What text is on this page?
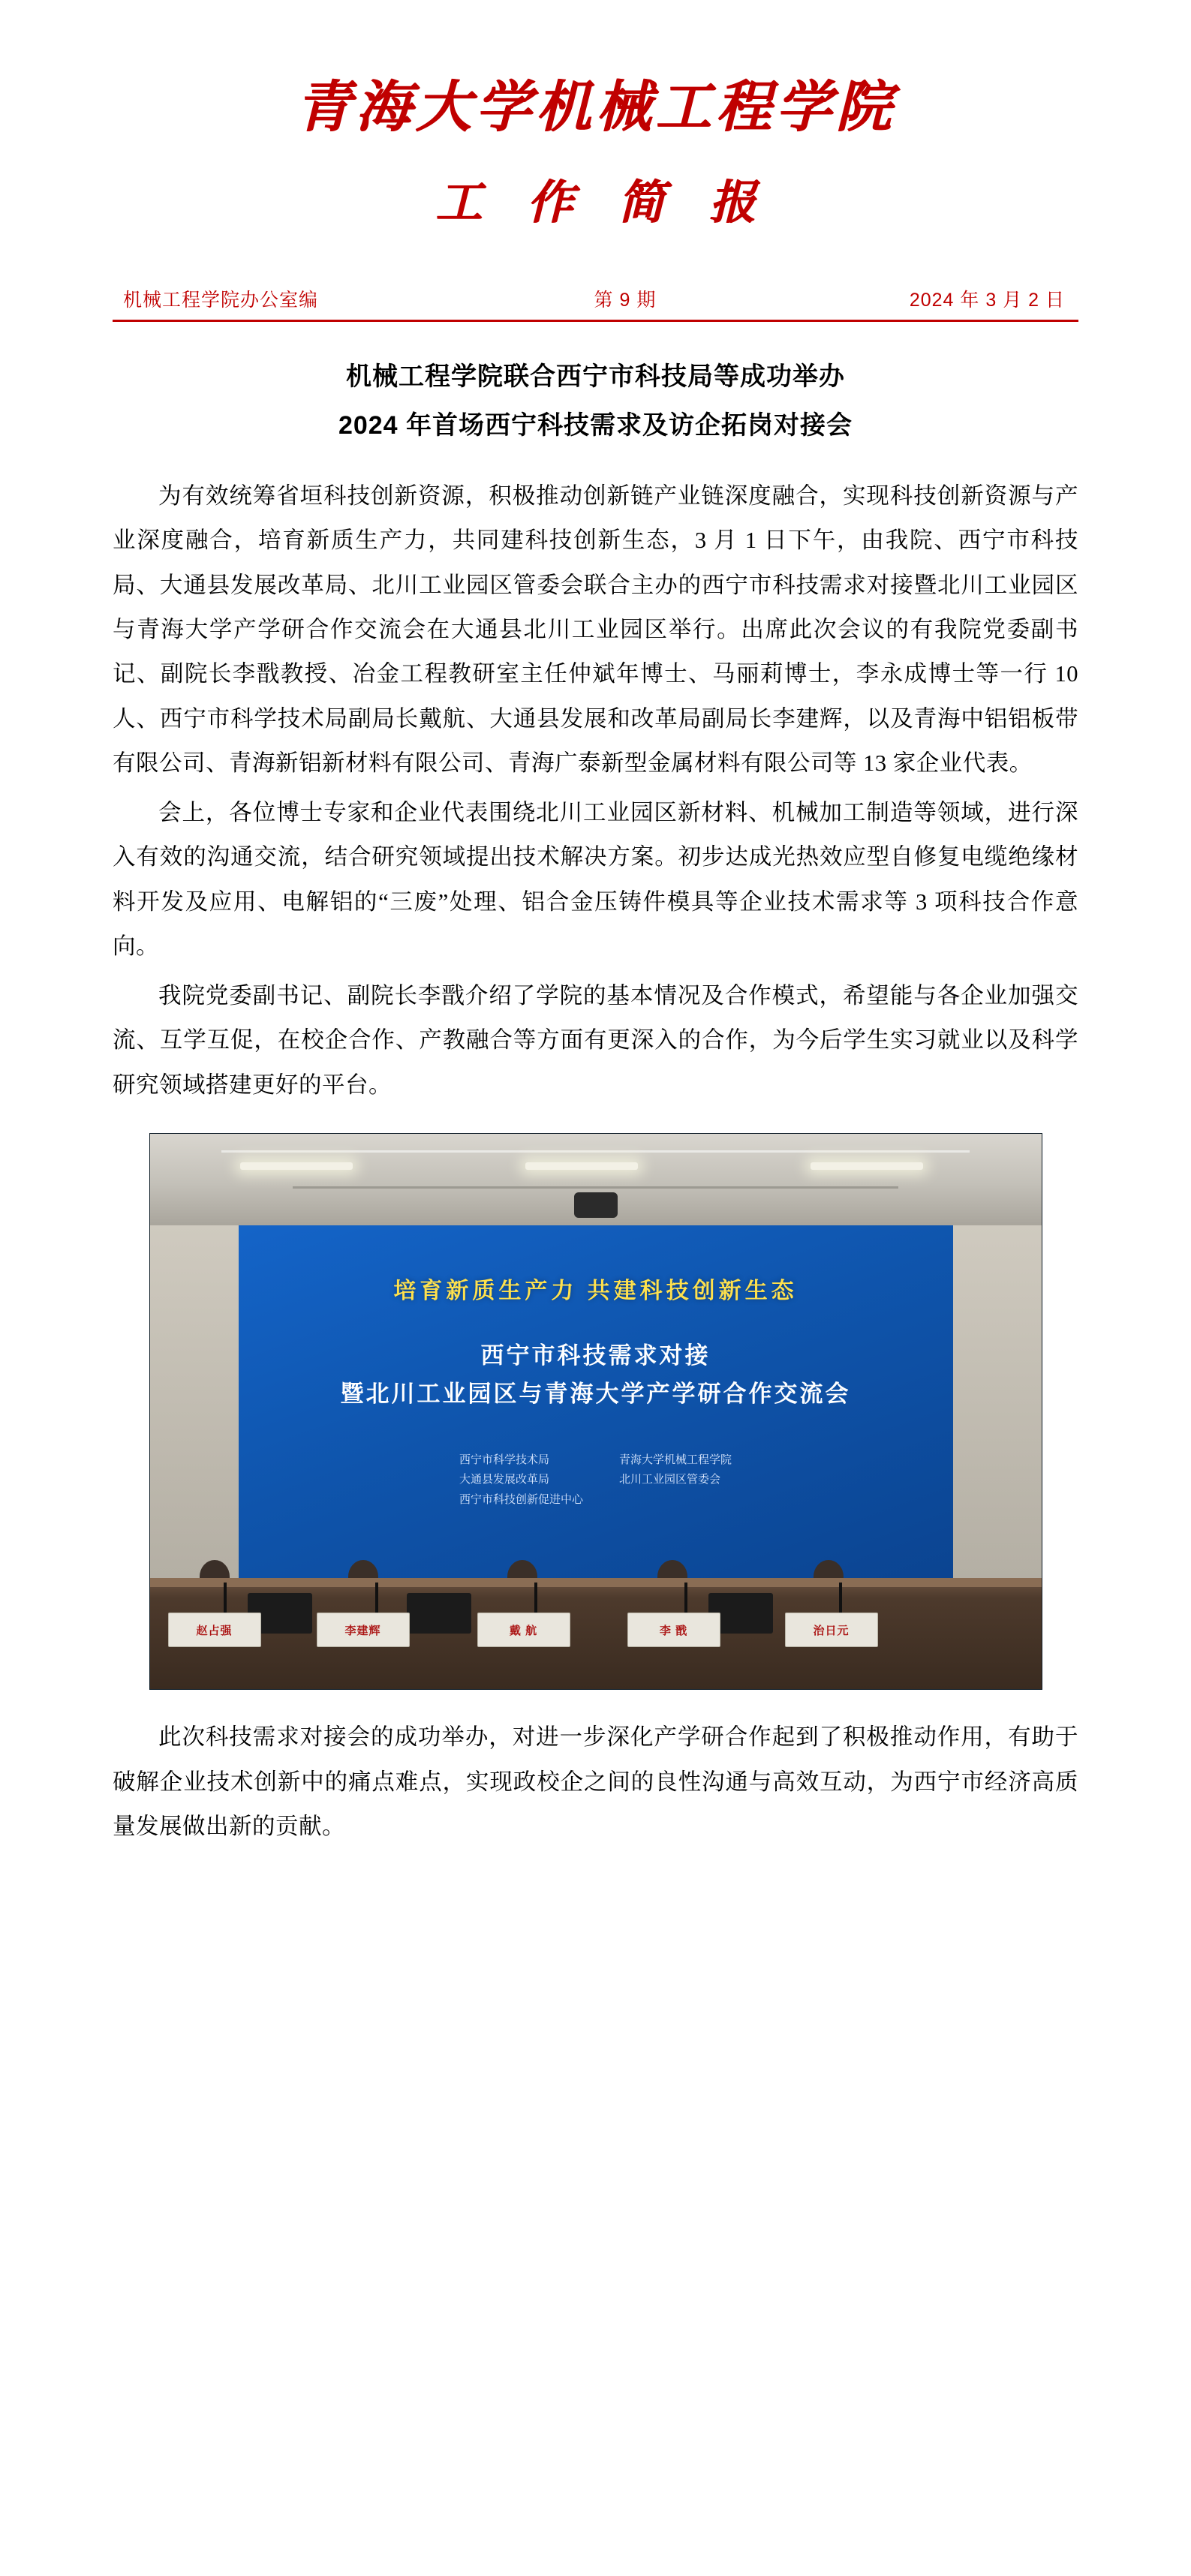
青海大学机械工程学院
工 作 简 报
机械工程学院办公室编	第 9 期	2024 年 3 月 2 日
机械工程学院联合西宁市科技局等成功举办
2024 年首场西宁科技需求及访企拓岗对接会

为有效统筹省垣科技创新资源，积极推动创新链产业链深度融合，实现科技创新资源与产业深度融合，培育新质生产力，共同建科技创新生态，3 月 1 日下午，由我院、西宁市科技局、大通县发展改革局、北川工业园区管委会联合主办的西宁市科技需求对接暨北川工业园区与青海大学产学研合作交流会在大通县北川工业园区举行。出席此次会议的有我院党委副书记、副院长李戬教授、冶金工程教研室主任仲斌年博士、马丽莉博士，李永成博士等一行 10 人、西宁市科学技术局副局长戴航、大通县发展和改革局副局长李建辉，以及青海中铝铝板带有限公司、青海新铝新材料有限公司、青海广泰新型金属材料有限公司等 13 家企业代表。

会上，各位博士专家和企业代表围绕北川工业园区新材料、机械加工制造等领域，进行深入有效的沟通交流，结合研究领域提出技术解决方案。初步达成光热效应型自修复电缆绝缘材料开发及应用、电解铝的“三废”处理、铝合金压铸件模具等企业技术需求等 3 项科技合作意向。

我院党委副书记、副院长李戬介绍了学院的基本情况及合作模式，希望能与各企业加强交流、互学互促，在校企合作、产教融合等方面有更深入的合作，为今后学生实习就业以及科学研究领域搭建更好的平台。

培育新质生产力 共建科技创新生态
西宁市科技需求对接
暨北川工业园区与青海大学产学研合作交流会
西宁市科学技术局
大通县发展改革局
西宁市科技创新促进中心
青海大学机械工程学院
北川工业园区管委会
赵占强	李建辉	戴 航	李 戬	治日元

此次科技需求对接会的成功举办，对进一步深化产学研合作起到了积极推动作用，有助于破解企业技术创新中的痛点难点，实现政校企之间的良性沟通与高效互动，为西宁市经济高质量发展做出新的贡献。
